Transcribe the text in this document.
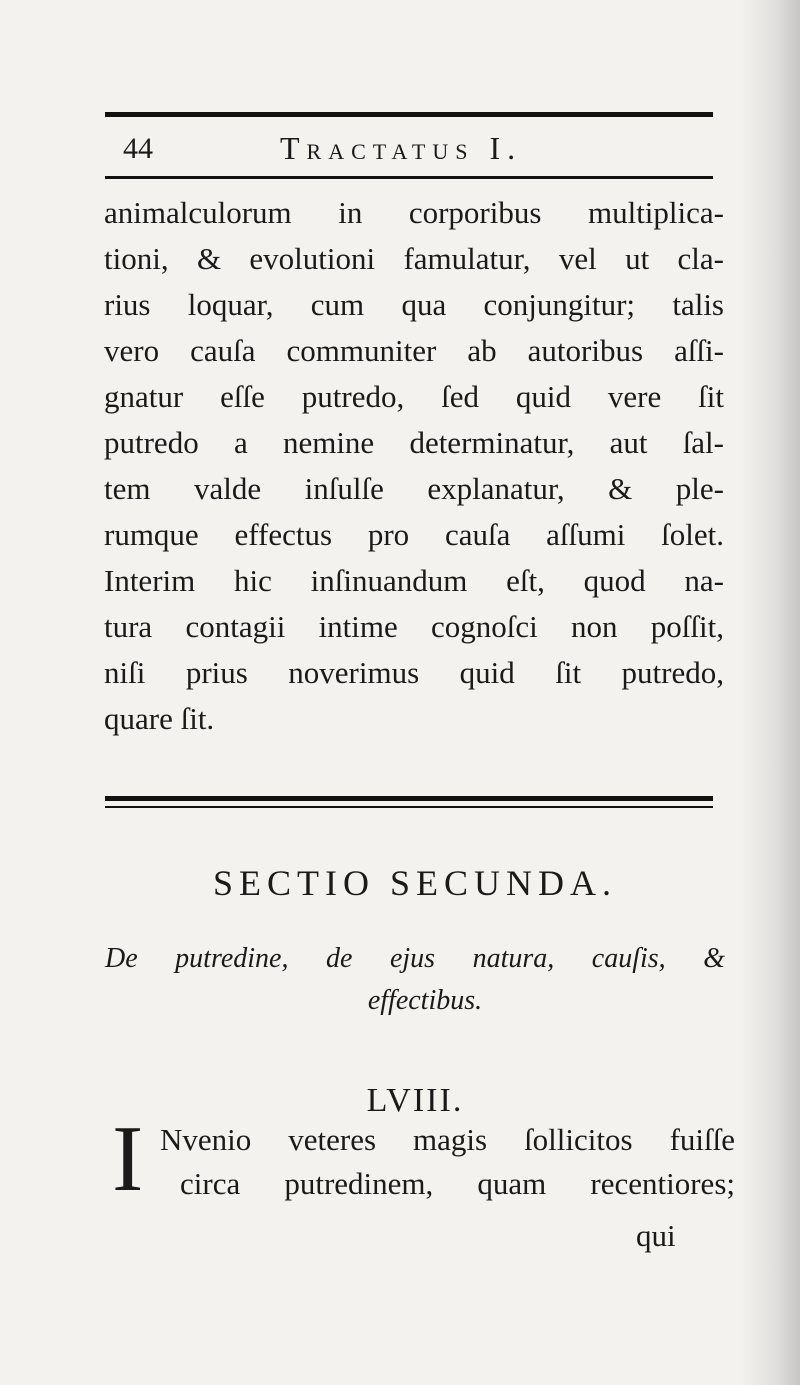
44	Tractatus I.
animalculorum in corporibus multiplica-
tioni, & evolutioni famulatur, vel ut cla-
rius loquar, cum qua conjungitur; talis
vero cauſa communiter ab autoribus aſſi-
gnatur eſſe putredo, ſed quid vere ſit
putredo a nemine determinatur, aut ſal-
tem valde inſulſe explanatur, & ple-
rumque effectus pro cauſa aſſumi ſolet.
Interim hic inſinuandum eſt, quod na-
tura contagii intime cognoſci non poſſit,
niſi prius noverimus quid ſit putredo,
quare ſit.
SECTIO SECUNDA.
De putredine, de ejus natura, cauſis, &
effectibus.
LVIII.
I Nvenio veteres magis ſollicitos fuiſſe
circa putredinem, quam recentiores;
qui
